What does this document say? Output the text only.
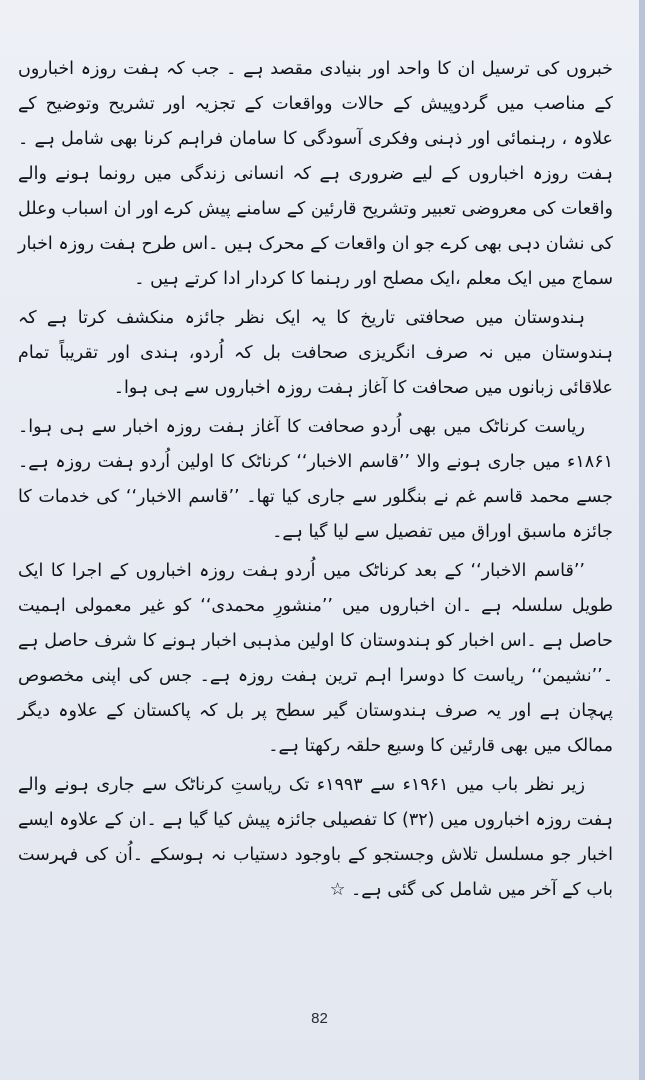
خبروں کی ترسیل ان کا واحد اور بنیادی مقصد ہے ۔ جب کہ ہفت روزہ اخباروں کے مناصب میں گردوپیش کے حالات وواقعات کے تجزیہ اور تشریح وتوضیح کے علاوہ ، رہنمائی اور ذہنی وفکری آسودگی کا سامان فراہم کرنا بھی شامل ہے ۔ہفت روزہ اخباروں کے لیے ضروری ہے کہ انسانی زندگی میں رونما ہونے والے واقعات کی معروضی تعبیر وتشریح قارئین کے سامنے پیش کرے اور ان اسباب وعلل کی نشان دہی بھی کرے جو ان واقعات کے محرک ہیں ۔اس طرح ہفت روزہ اخبار سماج میں ایک معلم ،ایک مصلح اور رہنما کا کردار ادا کرتے ہیں ۔

ہندوستان میں صحافتی تاریخ کا یہ ایک نظر جائزہ منکشف کرتا ہے کہ ہندوستان میں نہ صرف انگریزی صحافت بل کہ اُردو، ہندی اور تقریباً تمام علاقائی زبانوں میں صحافت کا آغاز ہفت روزہ اخباروں سے ہی ہوا۔

ریاست کرناٹک میں بھی اُردو صحافت کا آغاز ہفت روزہ اخبار سے ہی ہوا۔ ۱۸۶۱ء میں جاری ہونے والا ’’قاسم الاخبار‘‘ کرناٹک کا اولین اُردو ہفت روزہ ہے۔ جسے محمد قاسم غم نے بنگلور سے جاری کیا تھا۔ ’’قاسم الاخبار‘‘ کی خدمات کا جائزہ ماسبق اوراق میں تفصیل سے لیا گیا ہے۔

’’قاسم الاخبار‘‘ کے بعد کرناٹک میں اُردو ہفت روزہ اخباروں کے اجرا کا ایک طویل سلسلہ ہے ۔ان اخباروں میں ’’منشورِ محمدی‘‘ کو غیر معمولی اہمیت حاصل ہے ۔اس اخبار کو ہندوستان کا اولین مذہبی اخبار ہونے کا شرف حاصل ہے ۔’’نشیمن‘‘ ریاست کا دوسرا اہم ترین ہفت روزہ ہے۔ جس کی اپنی مخصوص پہچان ہے اور یہ صرف ہندوستان گیر سطح پر بل کہ پاکستان کے علاوہ دیگر ممالک میں بھی قارئین کا وسیع حلقہ رکھتا ہے۔

زیر نظر باب میں ۱۹۶۱ء سے ۱۹۹۳ء تک ریاستِ کرناٹک سے جاری ہونے والے ہفت روزہ اخباروں میں (۳۲) کا تفصیلی جائزہ پیش کیا گیا ہے ۔ان کے علاوہ ایسے اخبار جو مسلسل تلاش وجستجو کے باوجود دستیاب نہ ہوسکے ۔اُن کی فہرست باب کے آخر میں شامل کی گئی ہے۔ ☆

82
